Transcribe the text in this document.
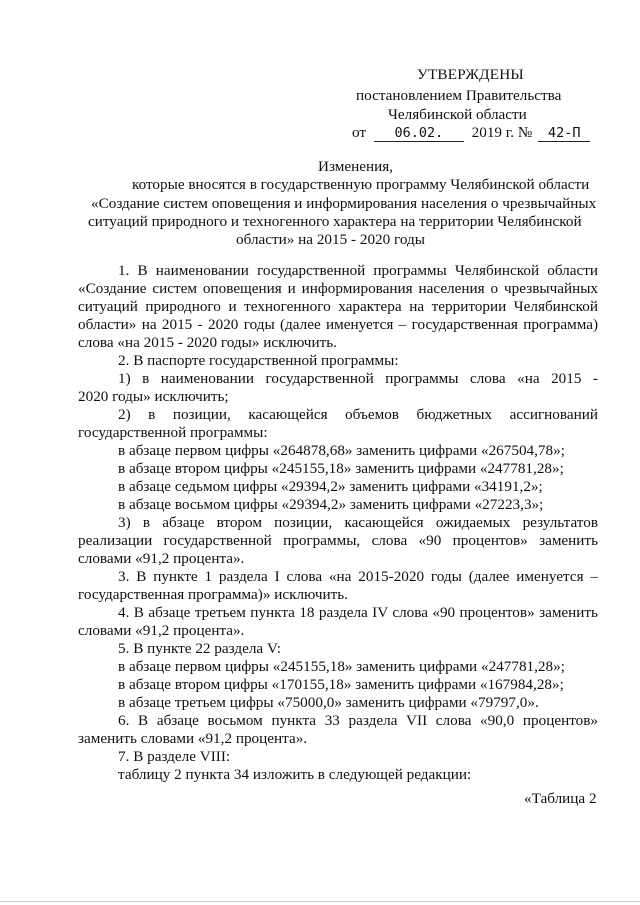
УТВЕРЖДЕНЫ
постановлением Правительства
Челябинской области
от 06.02. 2019 г. № 42-П
Изменения,
которые вносятся в государственную программу Челябинской области
«Создание систем оповещения и информирования населения о чрезвычайных
ситуаций природного и техногенного характера на территории Челябинской
области» на 2015 - 2020 годы
1. В наименовании государственной программы Челябинской области
«Создание систем оповещения и информирования населения о чрезвычайных
ситуаций природного и техногенного характера на территории Челябинской
области» на 2015 - 2020 годы (далее именуется – государственная программа)
слова «на 2015 - 2020 годы» исключить.
2. В паспорте государственной программы:
1) в наименовании государственной программы слова «на 2015 -
2020 годы» исключить;
2) в позиции, касающейся объемов бюджетных ассигнований
государственной программы:
в абзаце первом цифры «264878,68» заменить цифрами «267504,78»;
в абзаце втором цифры «245155,18» заменить цифрами «247781,28»;
в абзаце седьмом цифры «29394,2» заменить цифрами «34191,2»;
в абзаце восьмом цифры «29394,2» заменить цифрами «27223,3»;
3) в абзаце втором позиции, касающейся ожидаемых результатов
реализации государственной программы, слова «90 процентов» заменить
словами «91,2 процента».
3. В пункте 1 раздела I слова «на 2015-2020 годы (далее именуется –
государственная программа)» исключить.
4. В абзаце третьем пункта 18 раздела IV слова «90 процентов» заменить
словами «91,2 процента».
5. В пункте 22 раздела V:
в абзаце первом цифры «245155,18» заменить цифрами «247781,28»;
в абзаце втором цифры «170155,18» заменить цифрами «167984,28»;
в абзаце третьем цифры «75000,0» заменить цифрами «79797,0».
6. В абзаце восьмом пункта 33 раздела VII слова «90,0 процентов»
заменить словами «91,2 процента».
7. В разделе VIII:
таблицу 2 пункта 34 изложить в следующей редакции:
«Таблица 2
